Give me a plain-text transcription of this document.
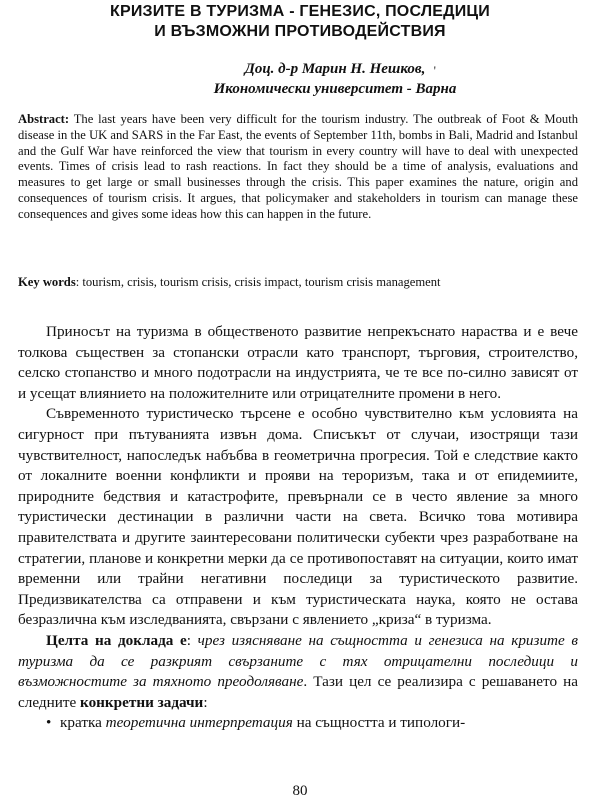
КРИЗИТЕ В ТУРИЗМА - ГЕНЕЗИС, ПОСЛЕДИЦИ
И ВЪЗМОЖНИ ПРОТИВОДЕЙСТВИЯ
Доц. д-р Марин Н. Нешков, '
Икономически университет - Варна
Abstract: The last years have been very difficult for the tourism industry. The outbreak of Foot & Mouth disease in the UK and SARS in the Far East, the events of September 11th, bombs in Bali, Madrid and Istanbul and the Gulf War have reinforced the view that tourism in every country will have to deal with unexpected events. Times of crisis lead to rash reactions. In fact they should be a time of analysis, evaluations and measures to get large or small businesses through the crisis. This paper examines the nature, origin and consequences of tourism crisis. It argues, that policymaker and stakeholders in tourism can manage these consequences and gives some ideas how this can happen in the future.
Key words: tourism, crisis, tourism crisis, crisis impact, tourism crisis management

Приносът на туризма в общественото развитие непрекъснато нараства и е вече толкова съществен за стопански отрасли като транспорт, търговия, строителство, селско стопанство и много подотрасли на индустрията, че те все по-силно зависят от и усещат влиянието на положителните или отрицателните промени в него.

Съвременното туристическо търсене е особно чувствително към условията на сигурност при пътуванията извън дома. Списъкът от случаи, изострящи тази чувствителност, напоследък набъбва в геометрична прогресия. Той е следствие както от локалните военни конфликти и прояви на тероризъм, така и от епидемиите, природните бедствия и катастрофите, превърнали се в често явление за много туристически дестинации в различни части на света. Всичко това мотивира правителствата и другите заинтересовани политически субекти чрез разработване на стратегии, планове и конкретни мерки да се противопоставят на ситуации, които имат временни или трайни негативни последици за туристическото развитие. Предизвикателства са отправени и към туристическата наука, която не остава безразлична към изследванията, свързани с явлението „криза“ в туризма.

Целта на доклада е: чрез изясняване на същността и генезиса на кризите в туризма да се разкрият свързаните с тях отрицателни последици и възможностите за тяхното преодоляване. Тази цел се реализира с решаването на следните конкретни задачи:

• кратка теоретична интерпретация на същността и типологи-

80
